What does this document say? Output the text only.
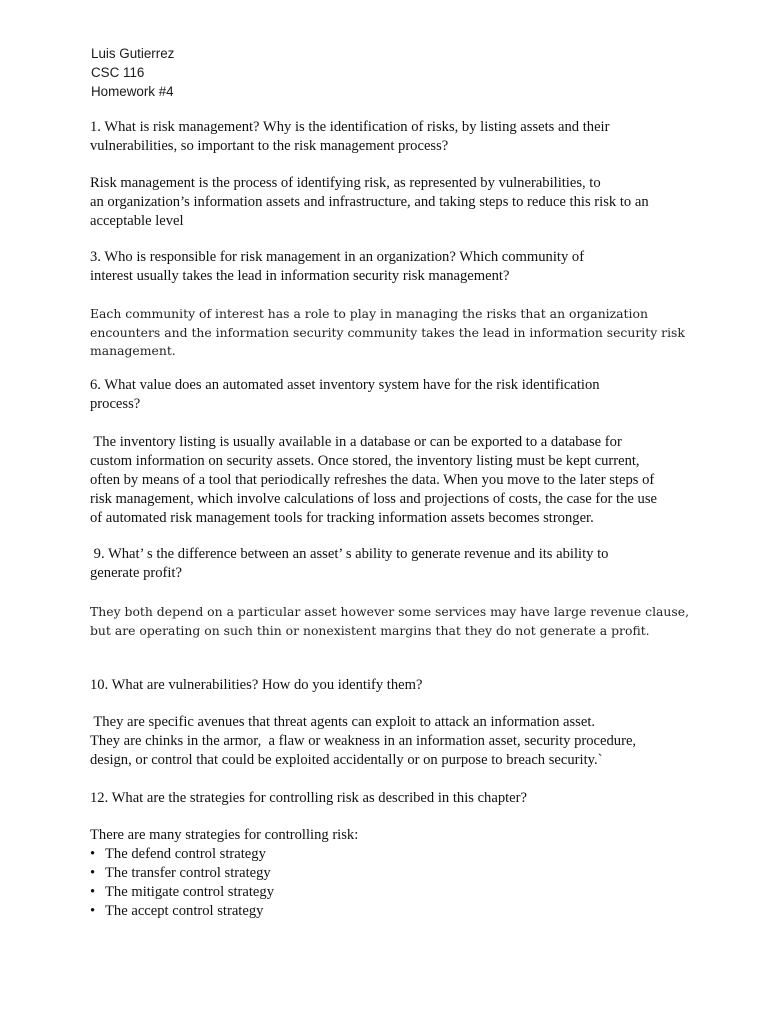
Luis Gutierrez
CSC 116
Homework #4
1. What is risk management? Why is the identification of risks, by listing assets and their
vulnerabilities, so important to the risk management process?
Risk management is the process of identifying risk, as represented by vulnerabilities, to
an organization’s information assets and infrastructure, and taking steps to reduce this risk to an
acceptable level
3. Who is responsible for risk management in an organization? Which community of
interest usually takes the lead in information security risk management?
Each community of interest has a role to play in managing the risks that an organization
encounters and the information security community takes the lead in information security risk
management.
6. What value does an automated asset inventory system have for the risk identification
process?
The inventory listing is usually available in a database or can be exported to a database for
custom information on security assets. Once stored, the inventory listing must be kept current,
often by means of a tool that periodically refreshes the data. When you move to the later steps of
risk management, which involve calculations of loss and projections of costs, the case for the use
of automated risk management tools for tracking information assets becomes stronger.
9. What’ s the difference between an asset’ s ability to generate revenue and its ability to
generate profit?
They both depend on a particular asset however some services may have large revenue clause,
but are operating on such thin or nonexistent margins that they do not generate a profit.
10. What are vulnerabilities? How do you identify them?
They are specific avenues that threat agents can exploit to attack an information asset.
They are chinks in the armor,  a flaw or weakness in an information asset, security procedure,
design, or control that could be exploited accidentally or on purpose to breach security.`
12. What are the strategies for controlling risk as described in this chapter?
There are many strategies for controlling risk:
• The defend control strategy
• The transfer control strategy
• The mitigate control strategy
• The accept control strategy
